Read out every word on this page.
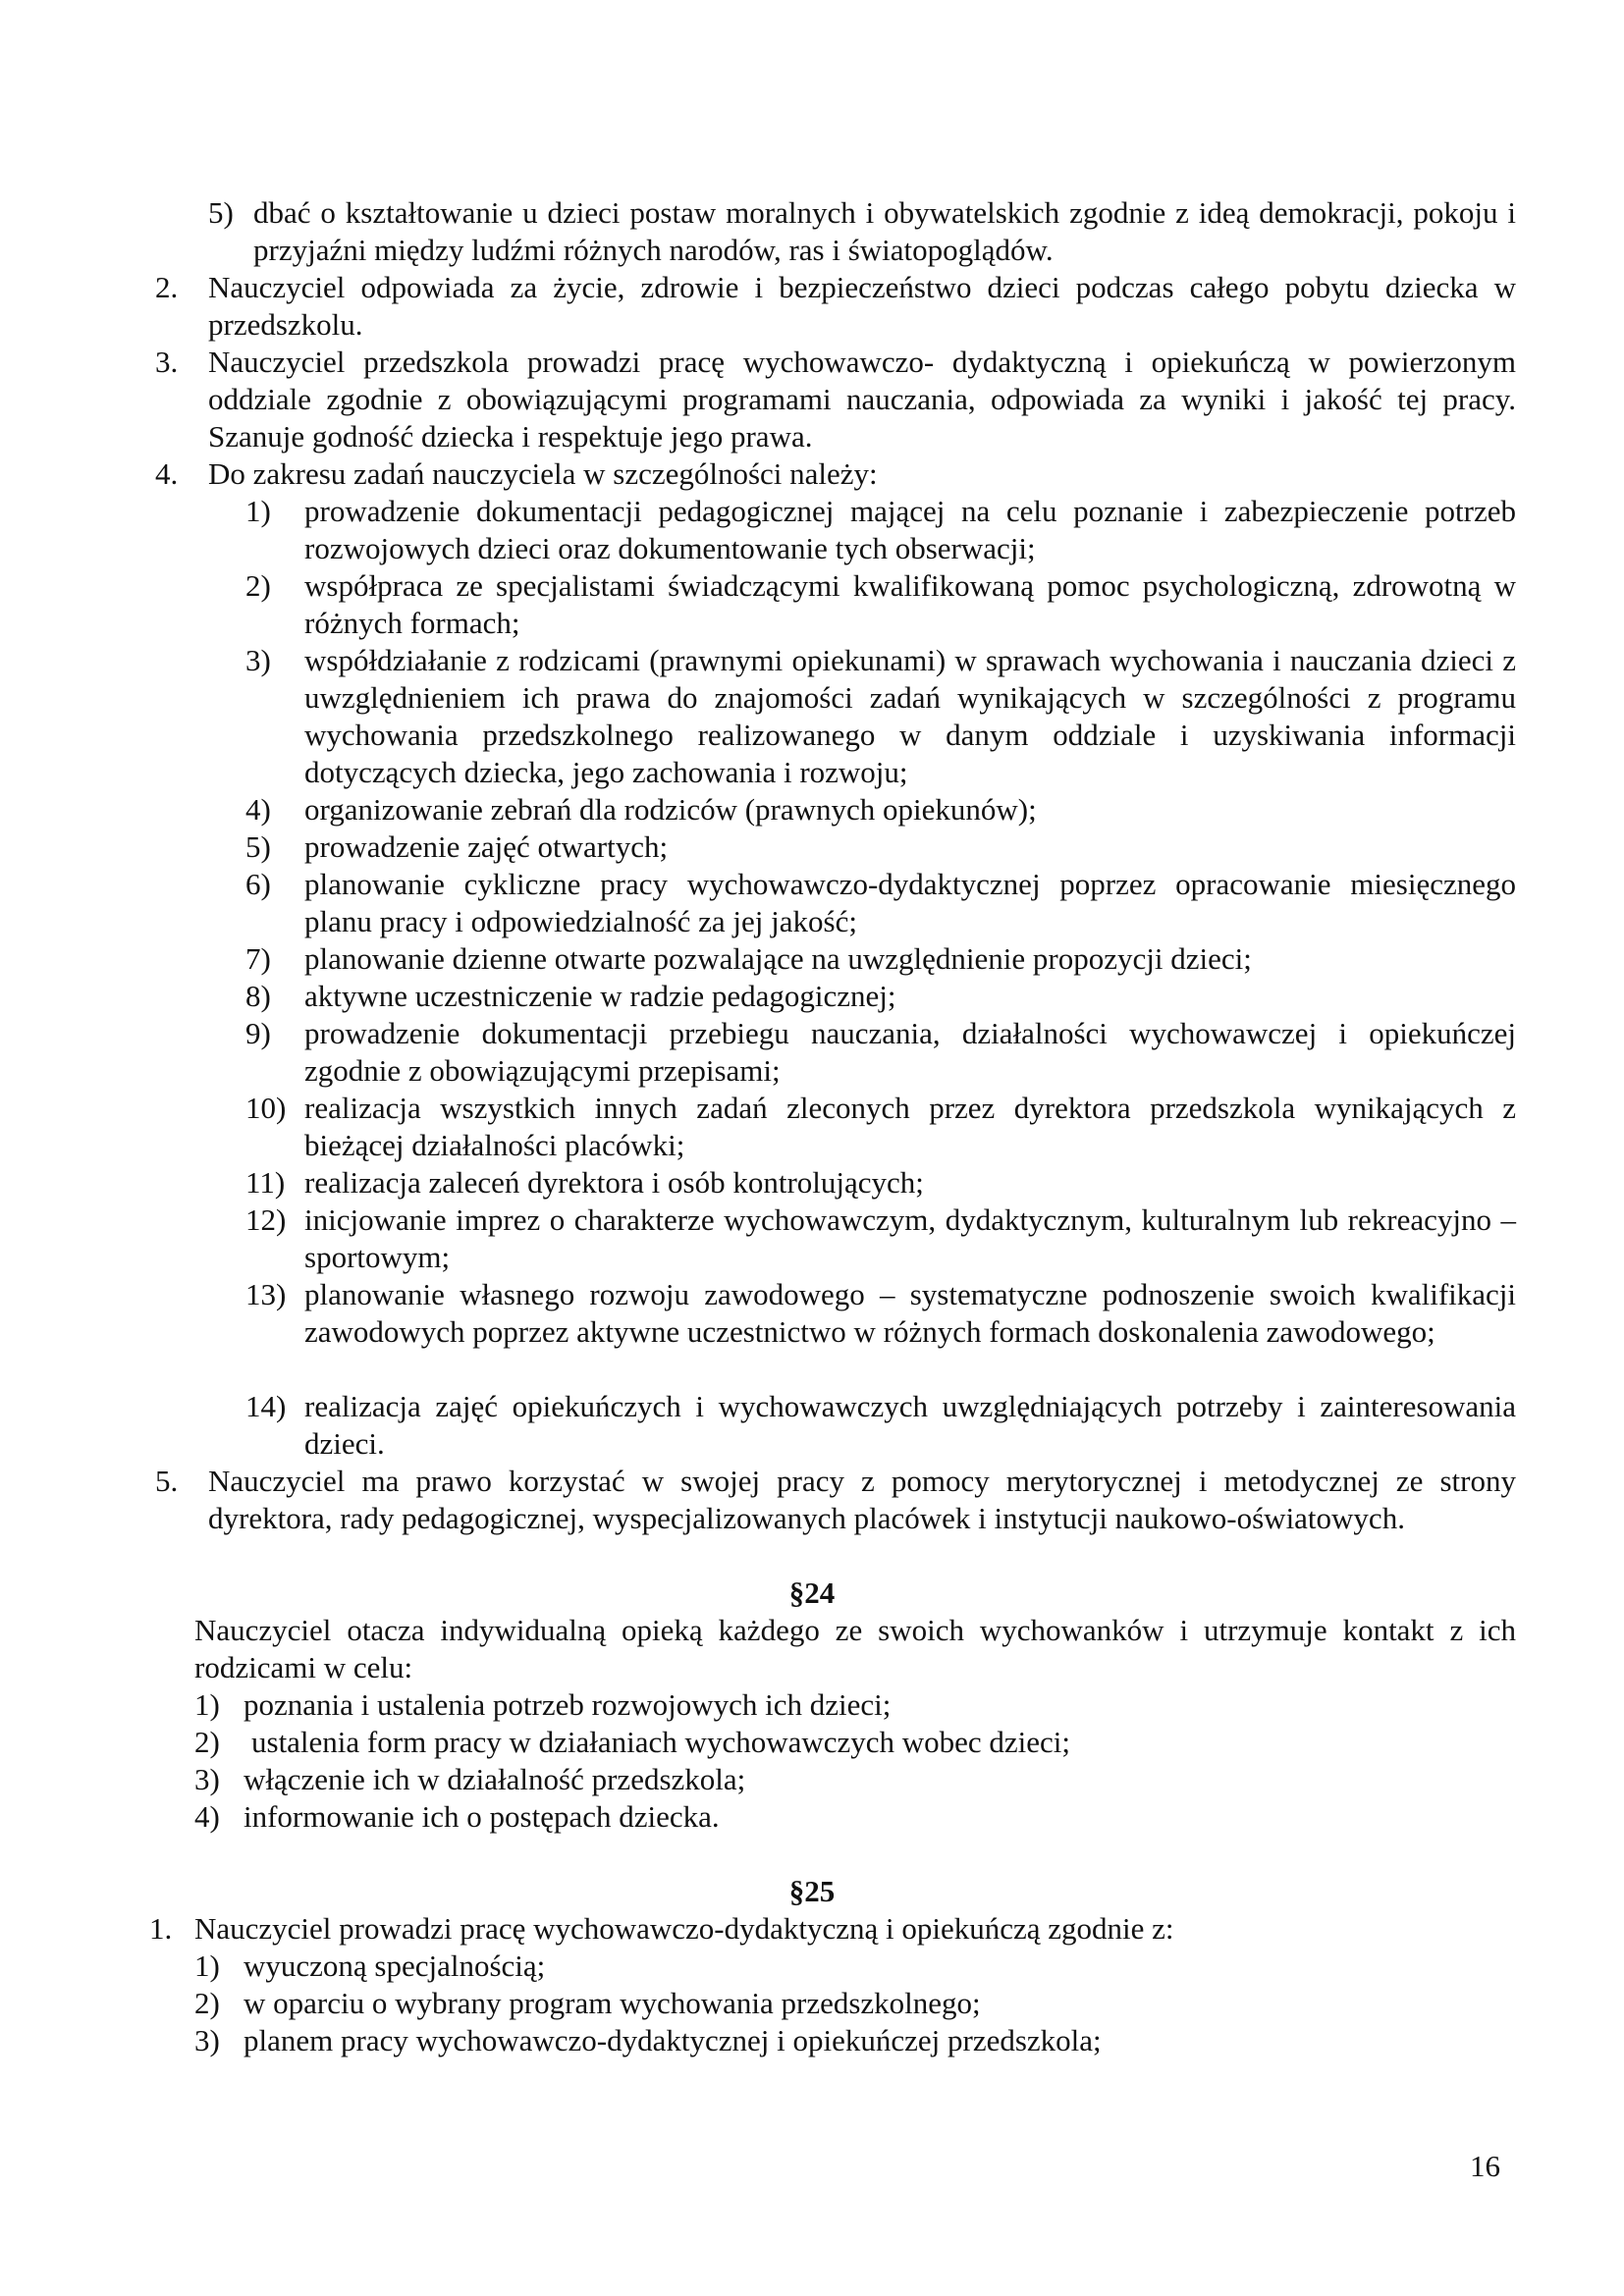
5) dbać o kształtowanie u dzieci postaw moralnych i obywatelskich zgodnie z ideą demokracji, pokoju i przyjaźni między ludźmi różnych narodów, ras i światopoglądów.
2. Nauczyciel odpowiada za życie, zdrowie i bezpieczeństwo dzieci podczas całego pobytu dziecka w przedszkolu.
3. Nauczyciel przedszkola prowadzi pracę wychowawczo- dydaktyczną i opiekuńczą w powierzonym oddziale zgodnie z obowiązującymi programami nauczania, odpowiada za wyniki i jakość tej pracy. Szanuje godność dziecka i respektuje jego prawa.
4. Do zakresu zadań nauczyciela w szczególności należy:
1)	prowadzenie dokumentacji pedagogicznej mającej na celu poznanie i zabezpieczenie potrzeb rozwojowych dzieci oraz dokumentowanie tych obserwacji;
2)	współpraca ze specjalistami świadczącymi kwalifikowaną pomoc psychologiczną, zdrowotną w różnych formach;
3)	współdziałanie z rodzicami (prawnymi opiekunami) w sprawach wychowania i nauczania dzieci z uwzględnieniem ich prawa do znajomości zadań wynikających w szczególności z programu wychowania przedszkolnego realizowanego w danym oddziale i uzyskiwania informacji dotyczących dziecka, jego zachowania i rozwoju;
4)	organizowanie zebrań dla rodziców (prawnych opiekunów);
5)	prowadzenie zajęć otwartych;
6)	planowanie cykliczne pracy wychowawczo-dydaktycznej poprzez opracowanie miesięcznego planu pracy i odpowiedzialność za jej jakość;
7)	planowanie dzienne otwarte pozwalające na uwzględnienie propozycji dzieci;
8)	aktywne uczestniczenie w radzie pedagogicznej;
9)	prowadzenie dokumentacji przebiegu nauczania, działalności wychowawczej i opiekuńczej zgodnie z obowiązującymi przepisami;
10) realizacja wszystkich innych zadań zleconych przez dyrektora przedszkola wynikających z bieżącej działalności placówki;
11) realizacja zaleceń dyrektora i osób kontrolujących;
12) inicjowanie imprez o charakterze wychowawczym, dydaktycznym, kulturalnym lub rekreacyjno – sportowym;
13) planowanie własnego rozwoju zawodowego – systematyczne podnoszenie swoich kwalifikacji zawodowych poprzez aktywne uczestnictwo w różnych formach doskonalenia zawodowego;
14) realizacja zajęć opiekuńczych i wychowawczych uwzględniających potrzeby i zainteresowania dzieci.
5. Nauczyciel ma prawo korzystać w swojej pracy z pomocy merytorycznej i metodycznej ze strony dyrektora, rady pedagogicznej, wyspecjalizowanych placówek i instytucji naukowo-oświatowych.
§24
Nauczyciel otacza indywidualną opieką każdego ze swoich wychowanków i utrzymuje kontakt z ich rodzicami w celu:
1) poznania i ustalenia potrzeb rozwojowych ich dzieci;
2)	ustalenia form pracy w działaniach wychowawczych wobec dzieci;
3) włączenie ich w działalność przedszkola;
4) informowanie ich o postępach dziecka.
§25
1. Nauczyciel prowadzi pracę wychowawczo-dydaktyczną i opiekuńczą zgodnie z:
1) wyuczoną specjalnością;
2) w oparciu o wybrany program wychowania przedszkolnego;
3) planem pracy wychowawczo-dydaktycznej i opiekuńczej przedszkola;
16
